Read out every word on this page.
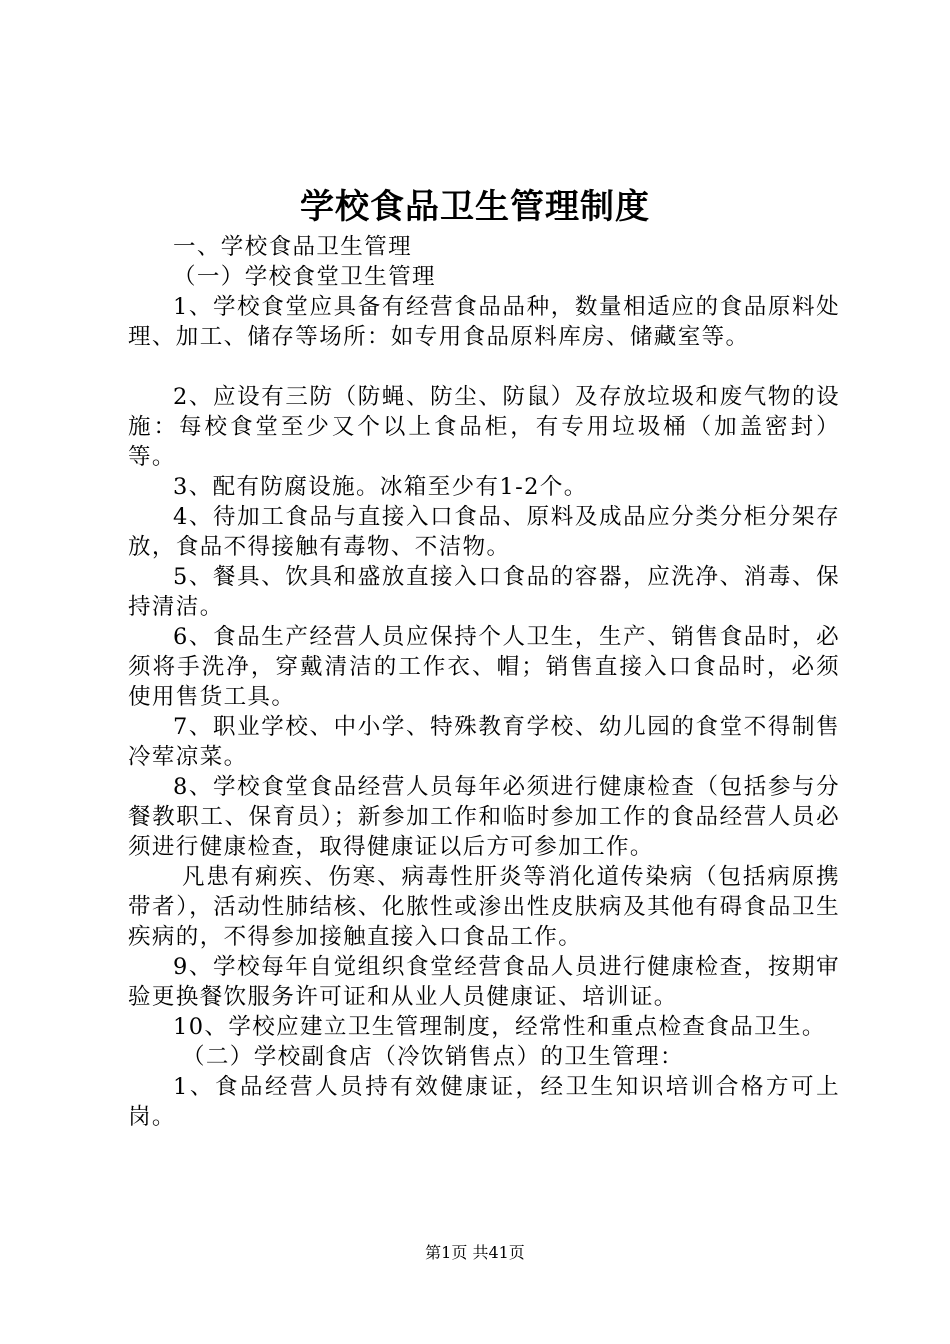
学校食品卫生管理制度

一、学校食品卫生管理

（一）学校食堂卫生管理

1、学校食堂应具备有经营食品品种，数量相适应的食品原料处理、加工、储存等场所：如专用食品原料库房、储藏室等。

2、应设有三防（防蝇、防尘、防鼠）及存放垃圾和废气物的设施：每校食堂至少又个以上食品柜，有专用垃圾桶（加盖密封）等。

3、配有防腐设施。冰箱至少有1-2个。

4、待加工食品与直接入口食品、原料及成品应分类分柜分架存放，食品不得接触有毒物、不洁物。

5、餐具、饮具和盛放直接入口食品的容器，应洗净、消毒、保持清洁。

6、食品生产经营人员应保持个人卫生，生产、销售食品时，必须将手洗净，穿戴清洁的工作衣、帽；销售直接入口食品时，必须使用售货工具。

7、职业学校、中小学、特殊教育学校、幼儿园的食堂不得制售冷荤凉菜。

8、学校食堂食品经营人员每年必须进行健康检查（包括参与分餐教职工、保育员）；新参加工作和临时参加工作的食品经营人员必须进行健康检查，取得健康证以后方可参加工作。

凡患有痢疾、伤寒、病毒性肝炎等消化道传染病（包括病原携带者），活动性肺结核、化脓性或渗出性皮肤病及其他有碍食品卫生疾病的，不得参加接触直接入口食品工作。

9、学校每年自觉组织食堂经营食品人员进行健康检查，按期审验更换餐饮服务许可证和从业人员健康证、培训证。

10、学校应建立卫生管理制度，经常性和重点检查食品卫生。

（二）学校副食店（冷饮销售点）的卫生管理：

1、食品经营人员持有效健康证，经卫生知识培训合格方可上岗。

第1页 共41页
